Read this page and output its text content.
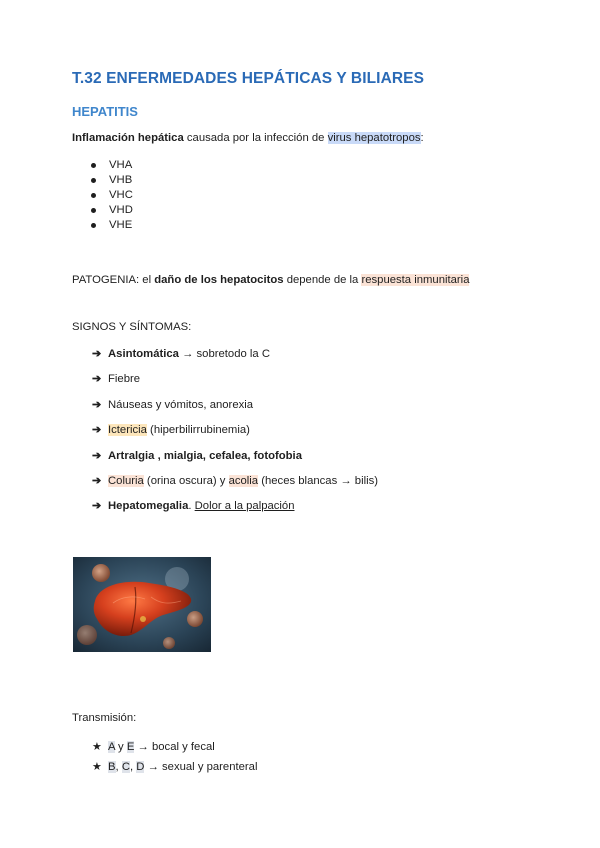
T.32 ENFERMEDADES HEPÁTICAS Y BILIARES
HEPATITIS
Inflamación hepática causada por la infección de virus hepatotropos:
VHA
VHB
VHC
VHD
VHE
PATOGENIA: el daño de los hepatocitos depende de la respuesta inmunitaria
SIGNOS Y SÍNTOMAS:
➔ Asintomática → sobretodo la C
➔ Fiebre
➔ Náuseas y vómitos, anorexia
➔ Ictericia (hiperbilirrubinemia)
➔ Artralgia , mialgia, cefalea, fotofobia
➔ Coluria (orina oscura) y acolia (heces blancas → bilis)
➔ Hepatomegalia. Dolor a la palpación
Transmisión:
★ A y E → bocal y fecal
★ B, C, D → sexual y parenteral
